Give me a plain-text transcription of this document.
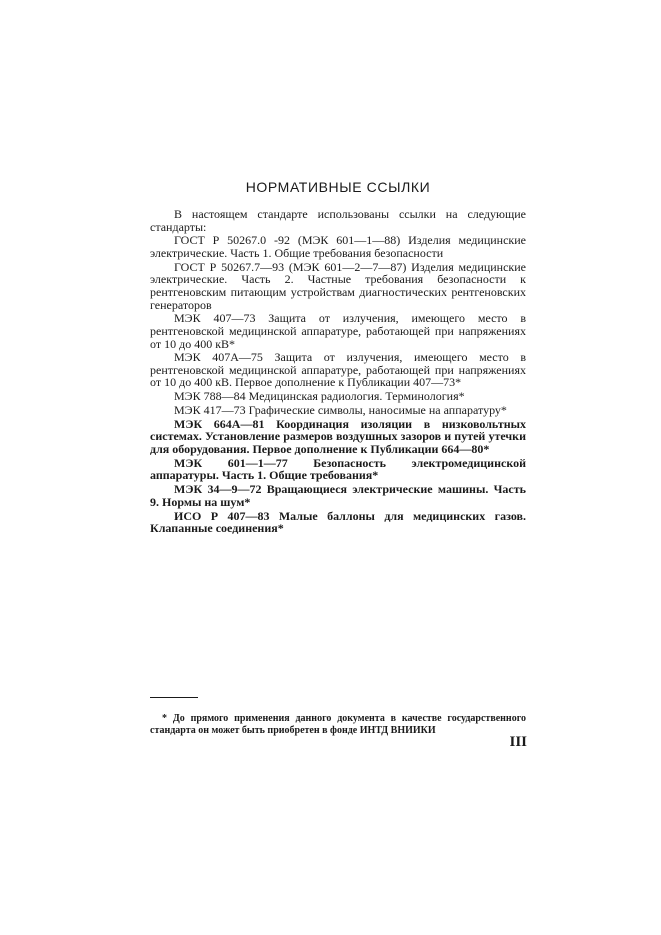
НОРМАТИВНЫЕ ССЫЛКИ

В настоящем стандарте использованы ссылки на следующие стандарты:

ГОСТ Р 50267.0 -92 (МЭК 601—1—88) Изделия медицинские электрические. Часть 1. Общие требования безопасности

ГОСТ Р 50267.7—93 (МЭК 601—2—7—87) Изделия медицинские электрические. Часть 2. Частные требования безопасности к рентгеновским питающим устройствам диагностических рентгеновских генераторов

МЭК 407—73 Защита от излучения, имеющего место в рентгеновской медицинской аппаратуре, работающей при напряжениях от 10 до 400 кВ*

МЭК 407А—75 Защита от излучения, имеющего место в рентгеновской медицинской аппаратуре, работающей при напряжениях от 10 до 400 кВ. Первое дополнение к Публикации 407—73*

МЭК 788—84 Медицинская радиология. Терминология*

МЭК 417—73 Графические символы, наносимые на аппаратуру*

МЭК 664А—81 Координация изоляции в низковольтных системах. Установление размеров воздушных зазоров и путей утечки для оборудования. Первое дополнение к Публикации 664—80*

МЭК 601—1—77 Безопасность электромедицинской аппаратуры. Часть 1. Общие требования*

МЭК 34—9—72 Вращающиеся электрические машины. Часть 9. Нормы на шум*

ИСО Р 407—83 Малые баллоны для медицинских газов. Клапанные соединения*

* До прямого применения данного документа в качестве государственного стандарта он может быть приобретен в фонде ИНТД ВНИИКИ

III
